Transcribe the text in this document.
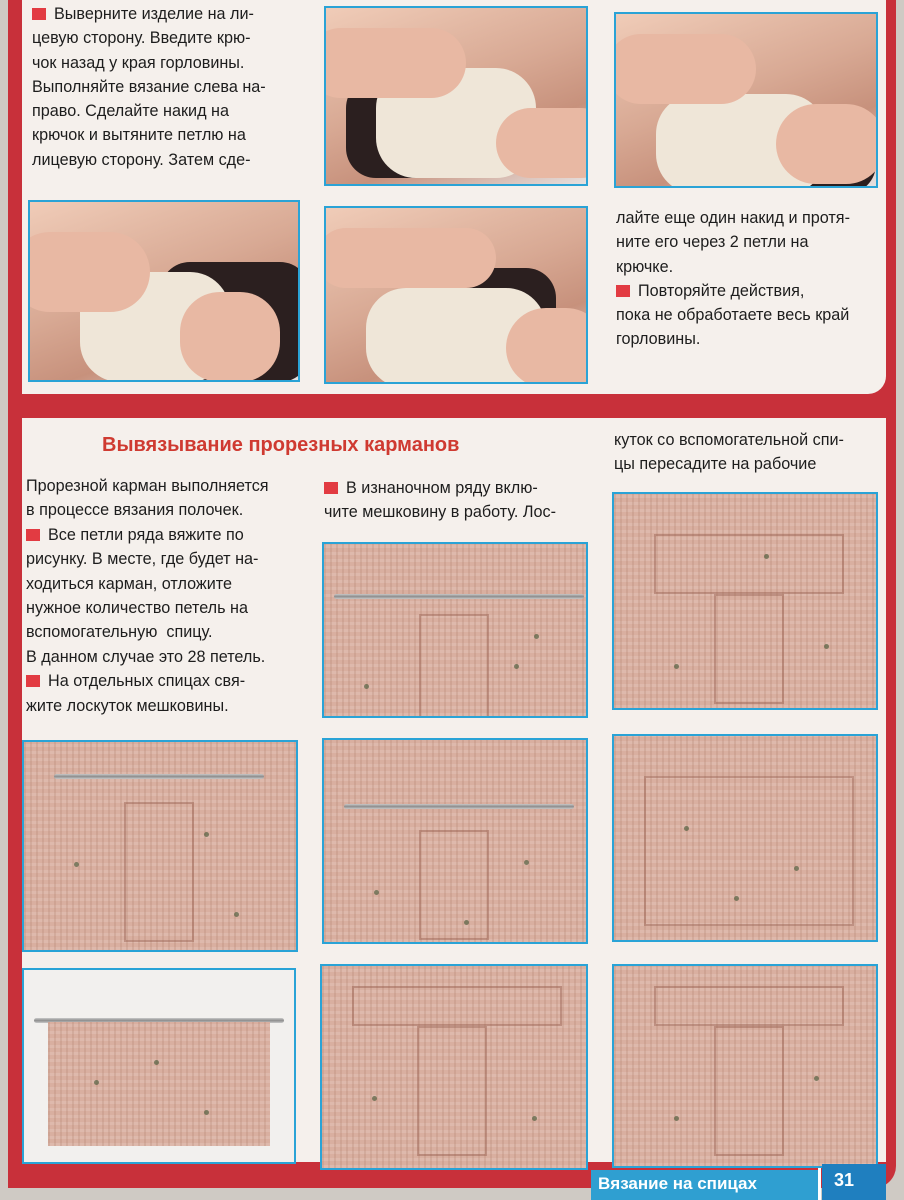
Выверните изделие на ли-
цевую сторону. Введите крю-
чок назад у края горловины.
Выполняйте вязание слева на-
право. Сделайте накид на
крючок и вытяните петлю на
лицевую сторону. Затем сде-
лайте еще один накид и протя-
ните его через 2 петли на
крючке.
Повторяйте действия,
пока не обработаете весь край
горловины.
Вывязывание прорезных карманов
Прорезной карман выполняется
в процессе вязания полочек.
Все петли ряда вяжите по
рисунку. В месте, где будет на-
ходиться карман, отложите
нужное количество петель на
вспомогательную  спицу.
В данном случае это 28 петель.
На отдельных спицах свя-
жите лоскуток мешковины.
В изнаночном ряду вклю-
чите мешковину в работу. Лос-
куток со вспомогательной спи-
цы пересадите на рабочие
Вязание на спицах	31
